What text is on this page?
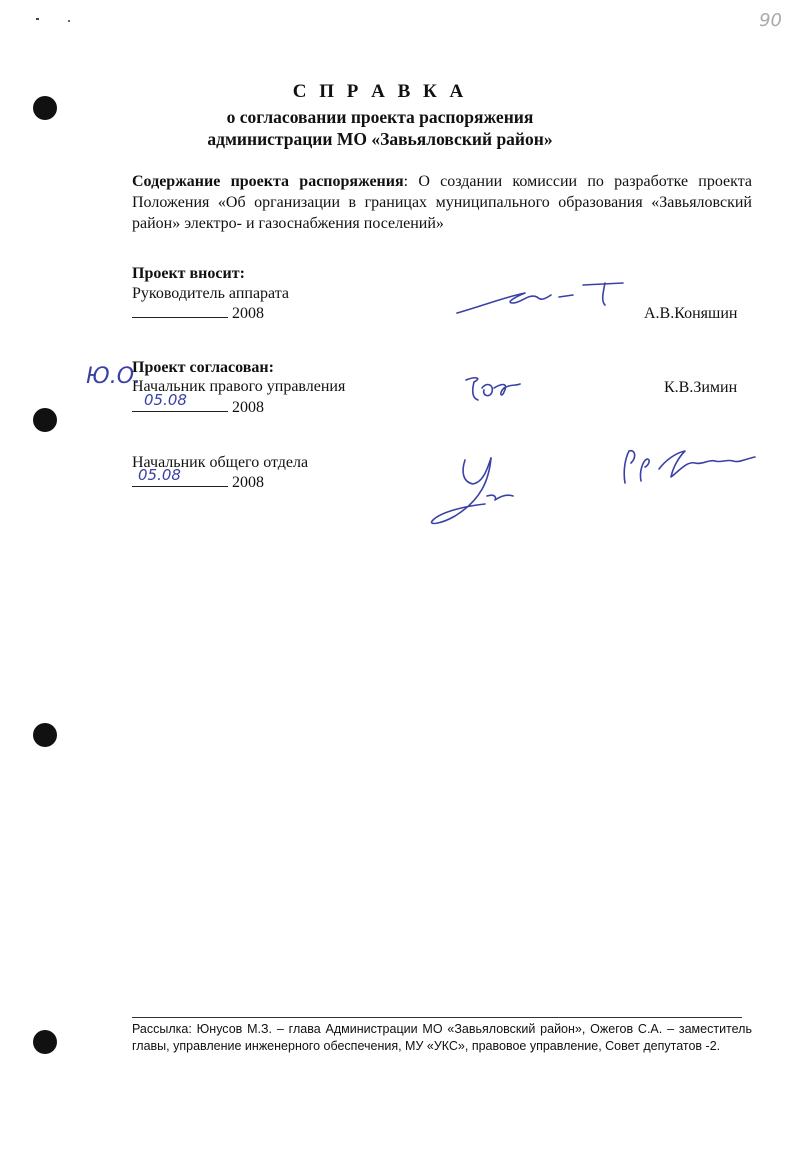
90
С П Р А В К А
о согласовании проекта распоряжения
администрации МО «Завьяловский район»
Содержание проекта распоряжения: О создании комиссии по разработке проекта Положения «Об организации в границах муниципального образования «Завьяловский район» электро- и газоснабжения поселений»
Проект вносит:
Руководитель аппарата
2008	А.В.Коняшин
Ю.О.
Проект согласован:
Начальник правого управления
05.08	2008
К.В.Зимин
Начальник общего отдела
05.08	2008
Рассылка: Юнусов М.З. – глава Администрации МО «Завьяловский район», Ожегов С.А. – заместитель главы, управление инженерного обеспечения, МУ «УКС», правовое управление, Совет депутатов -2.
